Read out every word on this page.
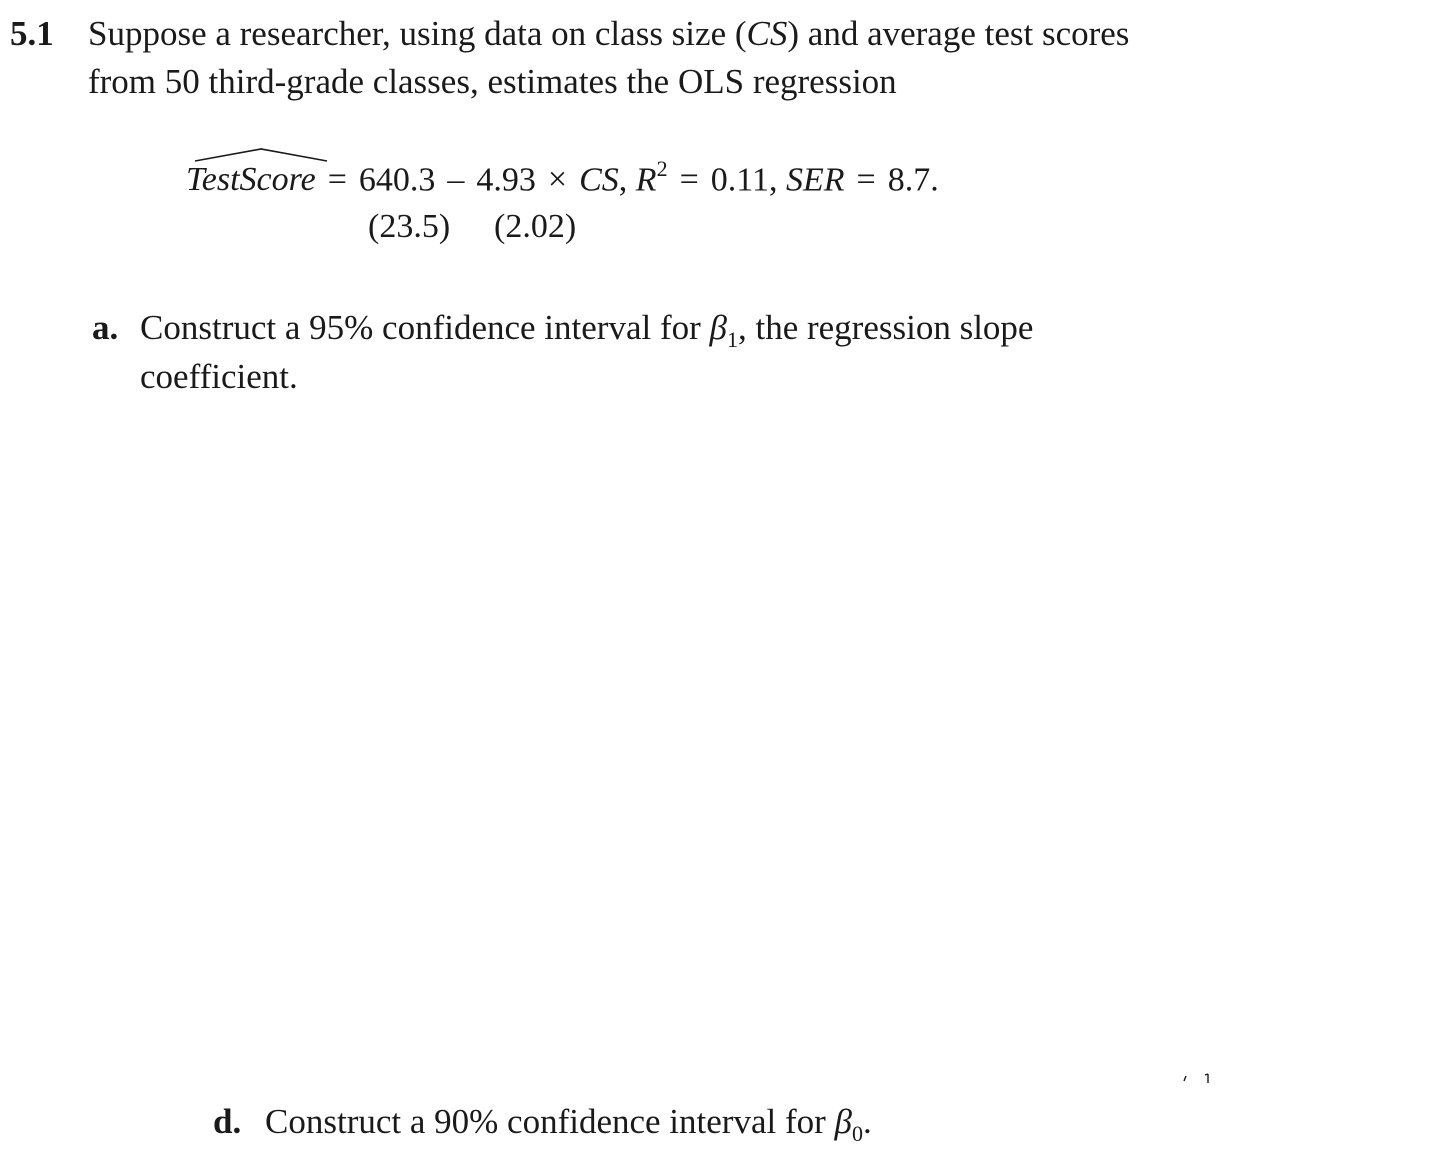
5.1 Suppose a researcher, using data on class size (CS) and average test scores
from 50 third-grade classes, estimates the OLS regression
TestScore = 640.3 – 4.93 × CS, $R^2 = 0.11$, SER = 8.7.
(23.5) (2.02)
a. Construct a 95% confidence interval for $\beta_1$, the regression slope
coefficient.
d. Construct a 90% confidence interval for $\beta_0$.
